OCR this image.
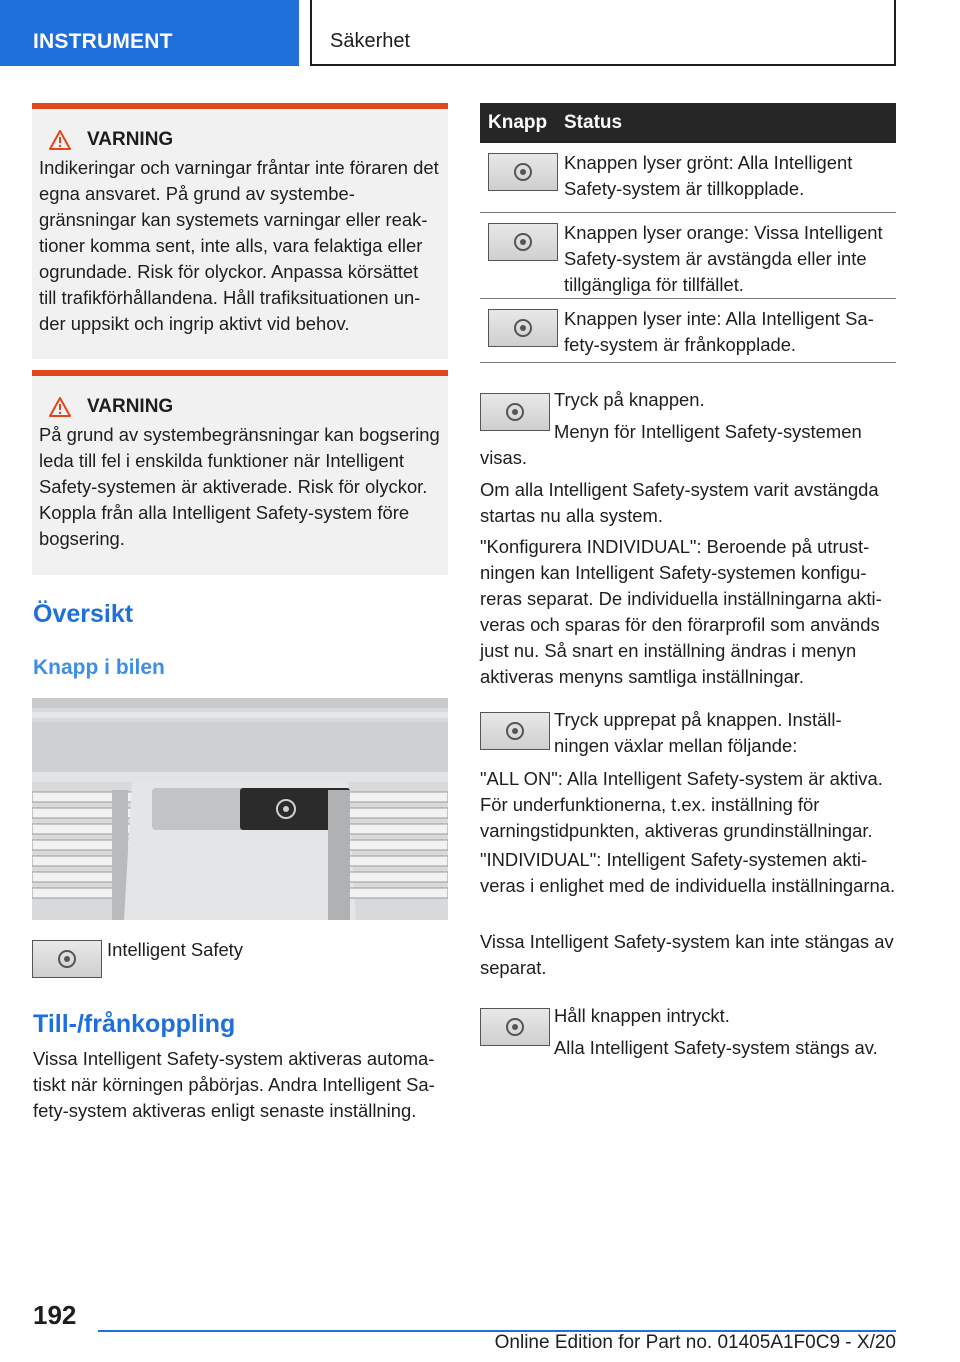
INSTRUMENT	Säkerhet
VARNING

Indikeringar och varningar fråntar inte föraren det egna ansvaret. På grund av systembegränsningar kan systemets varningar eller reaktioner komma sent, inte alls, vara felaktiga eller ogrundade. Risk för olyckor. Anpassa körsättet till trafikförhållandena. Håll trafiksituationen under uppsikt och ingrip aktivt vid behov.

VARNING

På grund av systembegränsningar kan bogsering leda till fel i enskilda funktioner när Intelligent Safety-systemen är aktiverade. Risk för olyckor. Koppla från alla Intelligent Safety-system före bogsering.

Översikt
Knapp i bilen
Intelligent Safety
Till-/frånkoppling
Vissa Intelligent Safety-system aktiveras automatiskt när körningen påbörjas. Andra Intelligent Safety-system aktiveras enligt senaste inställning.
Knapp Status
Knappen lyser grönt: Alla Intelligent Safety-system är tillkopplade.
Knappen lyser orange: Vissa Intelligent Safety-system är avstängda eller inte tillgängliga för tillfället.
Knappen lyser inte: Alla Intelligent Safety-system är frånkopplade.
Tryck på knappen.
Menyn för Intelligent Safety-systemen
visas.
Om alla Intelligent Safety-system varit avstängda startas nu alla system.
"Konfigurera INDIVIDUAL": Beroende på utrustningen kan Intelligent Safety-systemen konfigureras separat. De individuella inställningarna aktiveras och sparas för den förarprofil som används just nu. Så snart en inställning ändras i menyn aktiveras menyns samtliga inställningar.
Tryck upprepat på knappen. Inställningen växlar mellan följande:
"ALL ON": Alla Intelligent Safety-system är aktiva. För underfunktionerna, t.ex. inställning för varningstidpunkten, aktiveras grundinställningar.
"INDIVIDUAL": Intelligent Safety-systemen aktiveras i enlighet med de individuella inställningarna.
Vissa Intelligent Safety-system kan inte stängas av separat.
Håll knappen intryckt.
Alla Intelligent Safety-system stängs av.
192
Online Edition for Part no. 01405A1F0C9 - X/20
